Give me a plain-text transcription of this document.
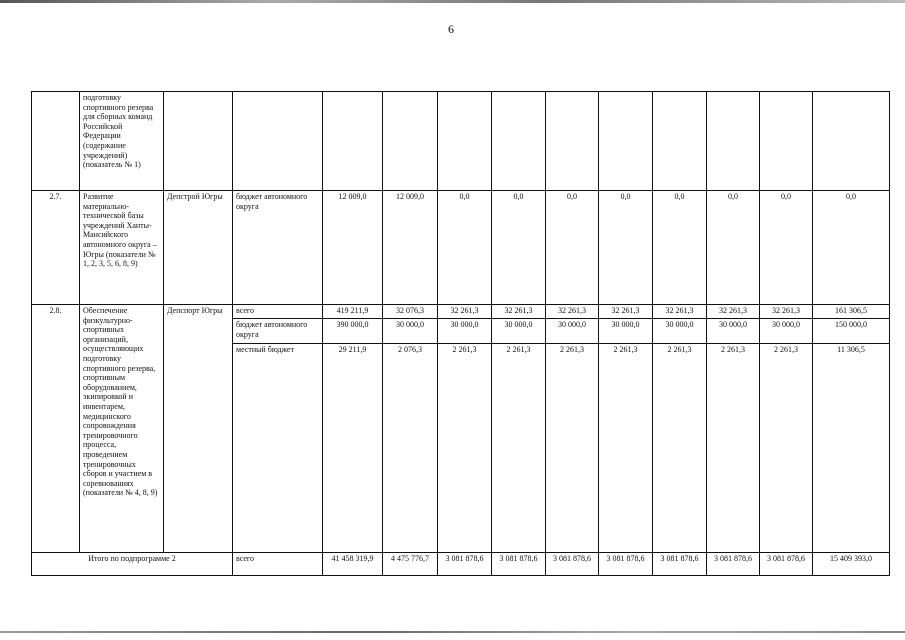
6
	подготовку спортивного резерва для сборных команд Российской Федерации (содержание учреждений) (показатель № 1)												
2.7.	Развитие материально-технической базы учреждений Ханты-Мансийского автономного округа – Югры (показатели № 1, 2, 3, 5, 6, 8, 9)	Депстрой Югры	бюджет автономного округа	12 009,0	12 009,0	0,0	0,0	0,0	0,0	0,0	0,0	0,0	0,0
2.8.	Обеспечение физкультурно-спортивных организаций, осуществляющих подготовку спортивного резерва, спортивным оборудованием, экипировкой и инвентарем, медицинского сопровождения тренировочного процесса, проведением тренировочных сборов и участием в соревнованиях (показатели № 4, 8, 9)	Депспорт Югры	всего	419 211,9	32 076,3	32 261,3	32 261,3	32 261,3	32 261,3	32 261,3	32 261,3	32 261,3	161 306,5
			бюджет автономного округа	390 000,0	30 000,0	30 000,0	30 000,0	30 000,0	30 000,0	30 000,0	30 000,0	30 000,0	150 000,0
			местный бюджет	29 211,9	2 076,3	2 261,3	2 261,3	2 261,3	2 261,3	2 261,3	2 261,3	2 261,3	11 306,5
Итого по подпрограмме 2			всего	41 458 319,9	4 475 776,7	3 081 878,6	3 081 878,6	3 081 878,6	3 081 878,6	3 081 878,6	3 081 878,6	3 081 878,6	15 409 393,0
